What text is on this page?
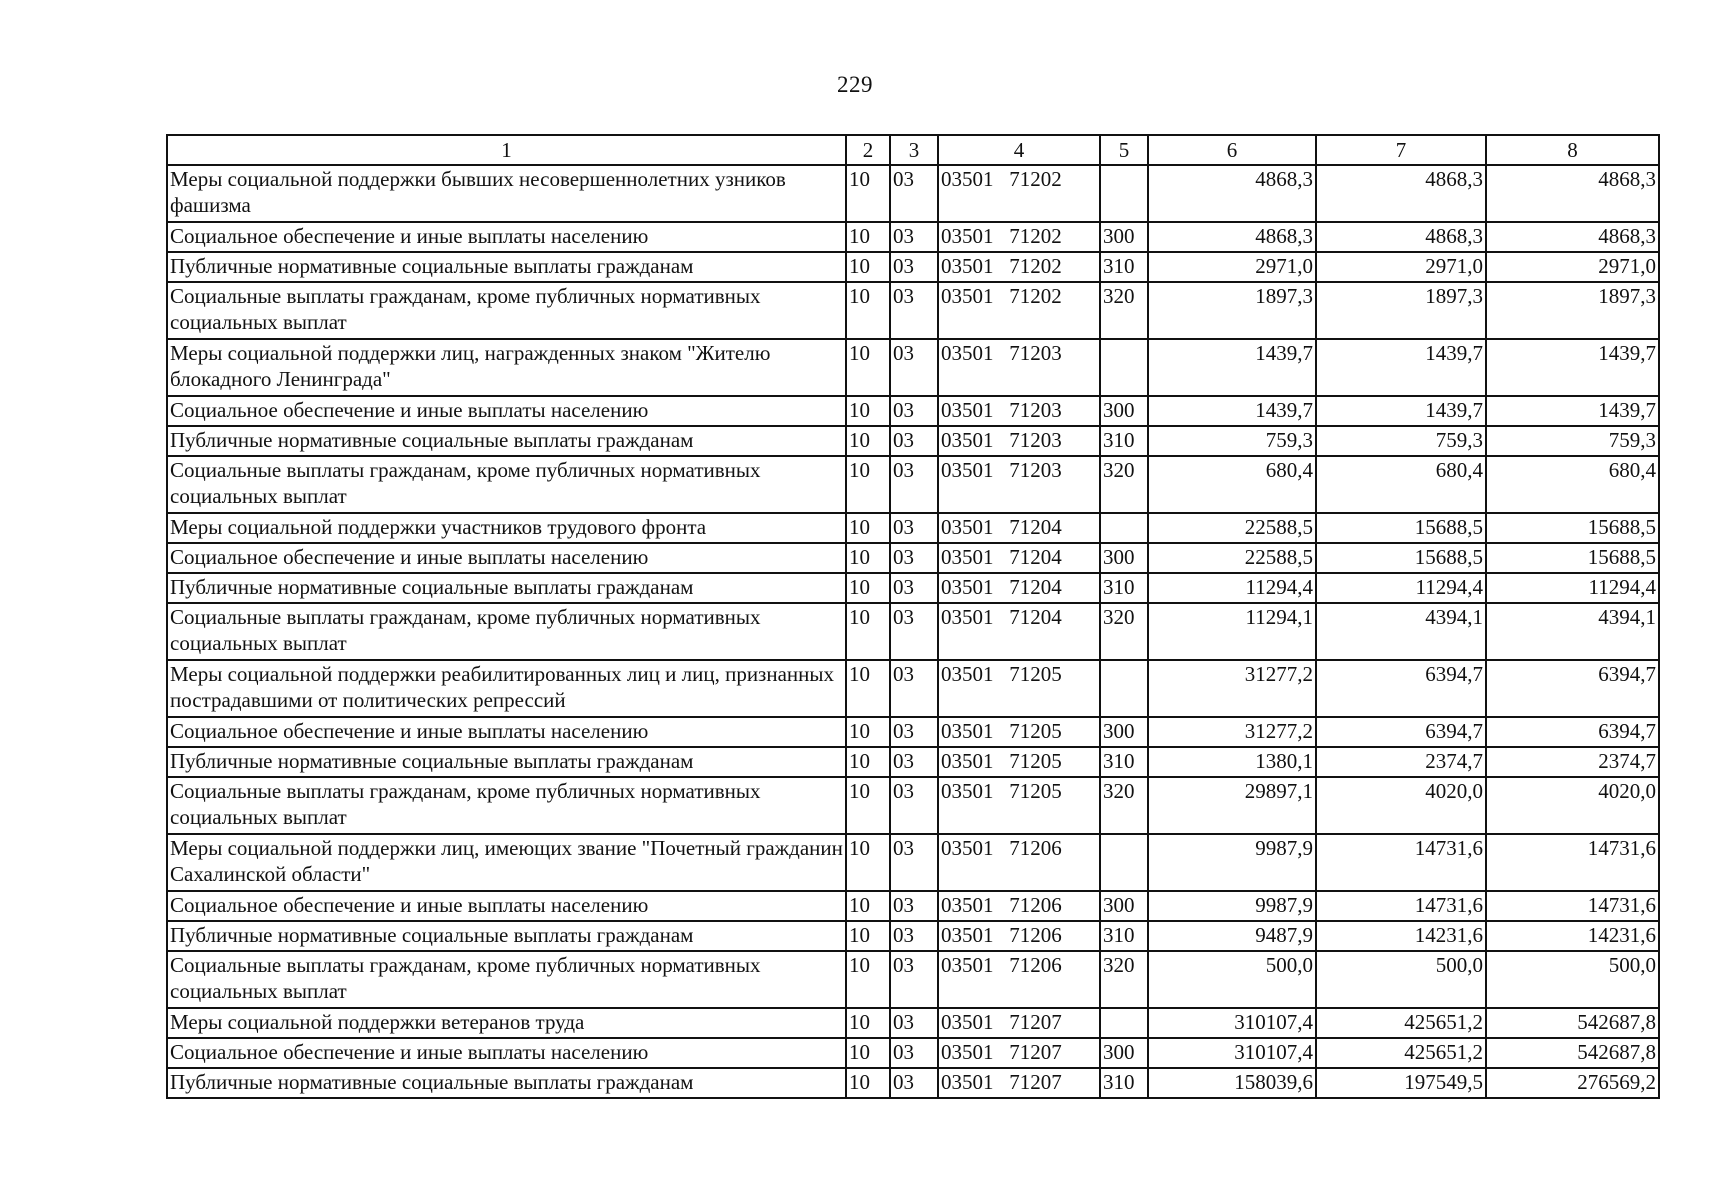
229
1	2	3	4	5	6	7	8
Меры социальной поддержки бывших несовершеннолетних узников фашизма	10	03	03501   71202		4868,3	4868,3	4868,3
Социальное обеспечение и иные выплаты населению	10	03	03501   71202	300	4868,3	4868,3	4868,3
Публичные нормативные социальные выплаты гражданам	10	03	03501   71202	310	2971,0	2971,0	2971,0
Социальные выплаты гражданам, кроме публичных нормативных социальных выплат	10	03	03501   71202	320	1897,3	1897,3	1897,3
Меры социальной поддержки лиц, награжденных знаком "Жителю блокадного Ленинграда"	10	03	03501   71203		1439,7	1439,7	1439,7
Социальное обеспечение и иные выплаты населению	10	03	03501   71203	300	1439,7	1439,7	1439,7
Публичные нормативные социальные выплаты гражданам	10	03	03501   71203	310	759,3	759,3	759,3
Социальные выплаты гражданам, кроме публичных нормативных социальных выплат	10	03	03501   71203	320	680,4	680,4	680,4
Меры социальной поддержки участников трудового фронта	10	03	03501   71204		22588,5	15688,5	15688,5
Социальное обеспечение и иные выплаты населению	10	03	03501   71204	300	22588,5	15688,5	15688,5
Публичные нормативные социальные выплаты гражданам	10	03	03501   71204	310	11294,4	11294,4	11294,4
Социальные выплаты гражданам, кроме публичных нормативных социальных выплат	10	03	03501   71204	320	11294,1	4394,1	4394,1
Меры социальной поддержки реабилитированных лиц и лиц, признанных пострадавшими от политических репрессий	10	03	03501   71205		31277,2	6394,7	6394,7
Социальное обеспечение и иные выплаты населению	10	03	03501   71205	300	31277,2	6394,7	6394,7
Публичные нормативные социальные выплаты гражданам	10	03	03501   71205	310	1380,1	2374,7	2374,7
Социальные выплаты гражданам, кроме публичных нормативных социальных выплат	10	03	03501   71205	320	29897,1	4020,0	4020,0
Меры социальной поддержки лиц, имеющих звание "Почетный гражданин Сахалинской области"	10	03	03501   71206		9987,9	14731,6	14731,6
Социальное обеспечение и иные выплаты населению	10	03	03501   71206	300	9987,9	14731,6	14731,6
Публичные нормативные социальные выплаты гражданам	10	03	03501   71206	310	9487,9	14231,6	14231,6
Социальные выплаты гражданам, кроме публичных нормативных социальных выплат	10	03	03501   71206	320	500,0	500,0	500,0
Меры социальной поддержки ветеранов труда	10	03	03501   71207		310107,4	425651,2	542687,8
Социальное обеспечение и иные выплаты населению	10	03	03501   71207	300	310107,4	425651,2	542687,8
Публичные нормативные социальные выплаты гражданам	10	03	03501   71207	310	158039,6	197549,5	276569,2
